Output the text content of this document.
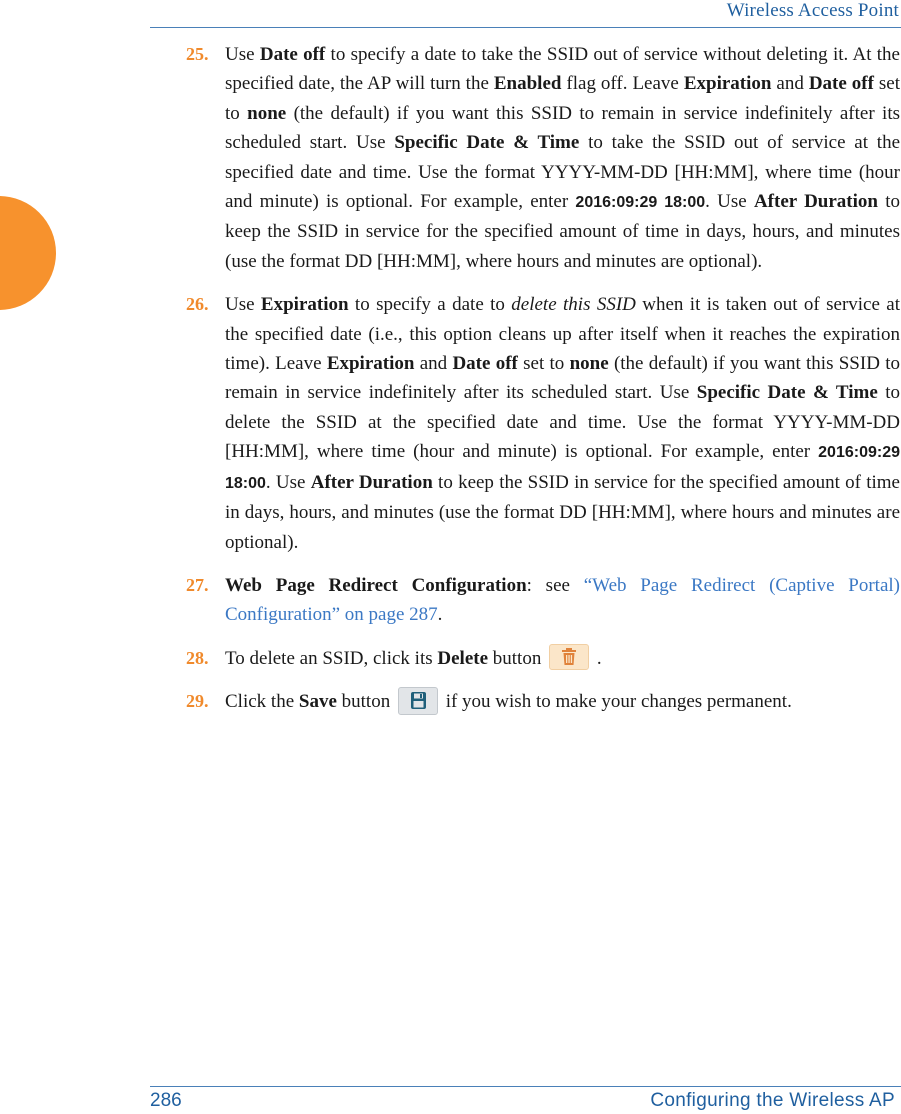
Wireless Access Point
25. Use Date off to specify a date to take the SSID out of service without deleting it. At the specified date, the AP will turn the Enabled flag off. Leave Expiration and Date off set to none (the default) if you want this SSID to remain in service indefinitely after its scheduled start. Use Specific Date & Time to take the SSID out of service at the specified date and time. Use the format YYYY-MM-DD [HH:MM], where time (hour and minute) is optional. For example, enter 2016:09:29 18:00. Use After Duration to keep the SSID in service for the specified amount of time in days, hours, and minutes (use the format DD [HH:MM], where hours and minutes are optional).

26. Use Expiration to specify a date to delete this SSID when it is taken out of service at the specified date (i.e., this option cleans up after itself when it reaches the expiration time). Leave Expiration and Date off set to none (the default) if you want this SSID to remain in service indefinitely after its scheduled start. Use Specific Date & Time to delete the SSID at the specified date and time. Use the format YYYY-MM-DD [HH:MM], where time (hour and minute) is optional. For example, enter 2016:09:29 18:00. Use After Duration to keep the SSID in service for the specified amount of time in days, hours, and minutes (use the format DD [HH:MM], where hours and minutes are optional).

27. Web Page Redirect Configuration: see “Web Page Redirect (Captive Portal) Configuration” on page 287.

28. To delete an SSID, click its Delete button	.

29. Click the Save button	if you wish to make your changes permanent.

286	Configuring the Wireless AP
